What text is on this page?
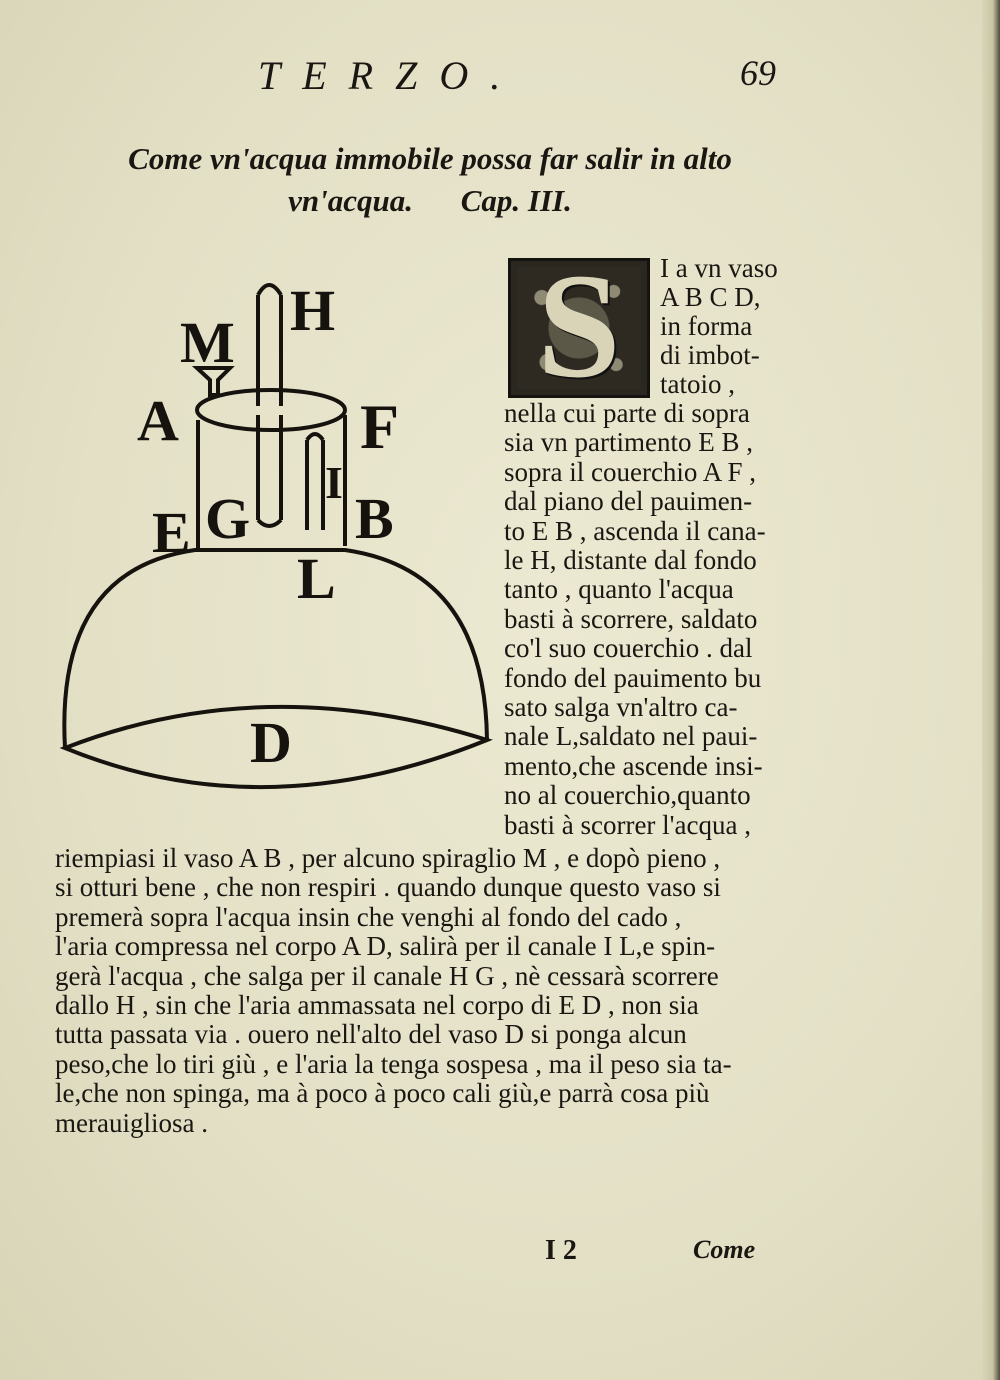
TERZO.	69
Come vn'acqua immobile possa far salir in alto
vn'acqua. Cap. III.
M H
A	F
E G
I
B
L
D
S	I a vn vaso
A B C D,
in forma
di imbot-
tatoio ,
nella cui parte di sopra
sia vn partimento E B ,
sopra il couerchio A F ,
dal piano del pauimen-
to E B , ascenda il cana-
le H, distante dal fondo
tanto , quanto l'acqua
basti à scorrere, saldato
co'l suo couerchio . dal
fondo del pauimento bu
sato salga vn'altro ca-
nale L,saldato nel paui-
mento,che ascende insi-
no al couerchio,quanto
basti à scorrer l'acqua ,
riempiasi il vaso A B , per alcuno spiraglio M , e dopò pieno ,
si otturi bene , che non respiri . quando dunque questo vaso si
premerà sopra l'acqua insin che venghi al fondo del cado ,
l'aria compressa nel corpo A D, salirà per il canale I L,e spin-
gerà l'acqua , che salga per il canale H G , nè cessarà scorrere
dallo H , sin che l'aria ammassata nel corpo di E D , non sia
tutta passata via . ouero nell'alto del vaso D si ponga alcun
peso,che lo tiri giù , e l'aria la tenga sospesa , ma il peso sia ta-
le,che non spinga, ma à poco à poco cali giù,e parrà cosa più
merauigliosa .
I 2	Come
